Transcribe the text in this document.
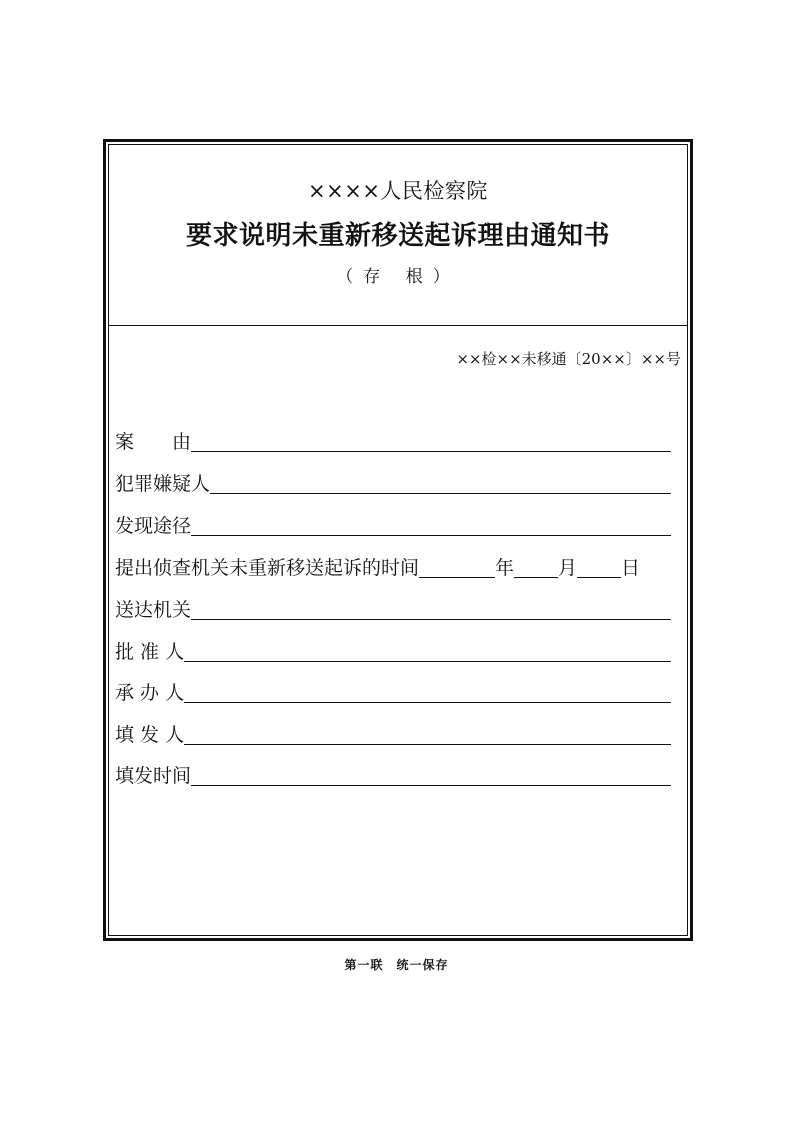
××××人民检察院
要求说明未重新移送起诉理由通知书
（存 根）
××检××未移通〔20××〕××号
案　　由
犯罪嫌疑人
发现途径
提出侦查机关未重新移送起诉的时间	年 月 日
送达机关
批 准 人
承 办 人
填 发 人
填发时间
第一联　统一保存
